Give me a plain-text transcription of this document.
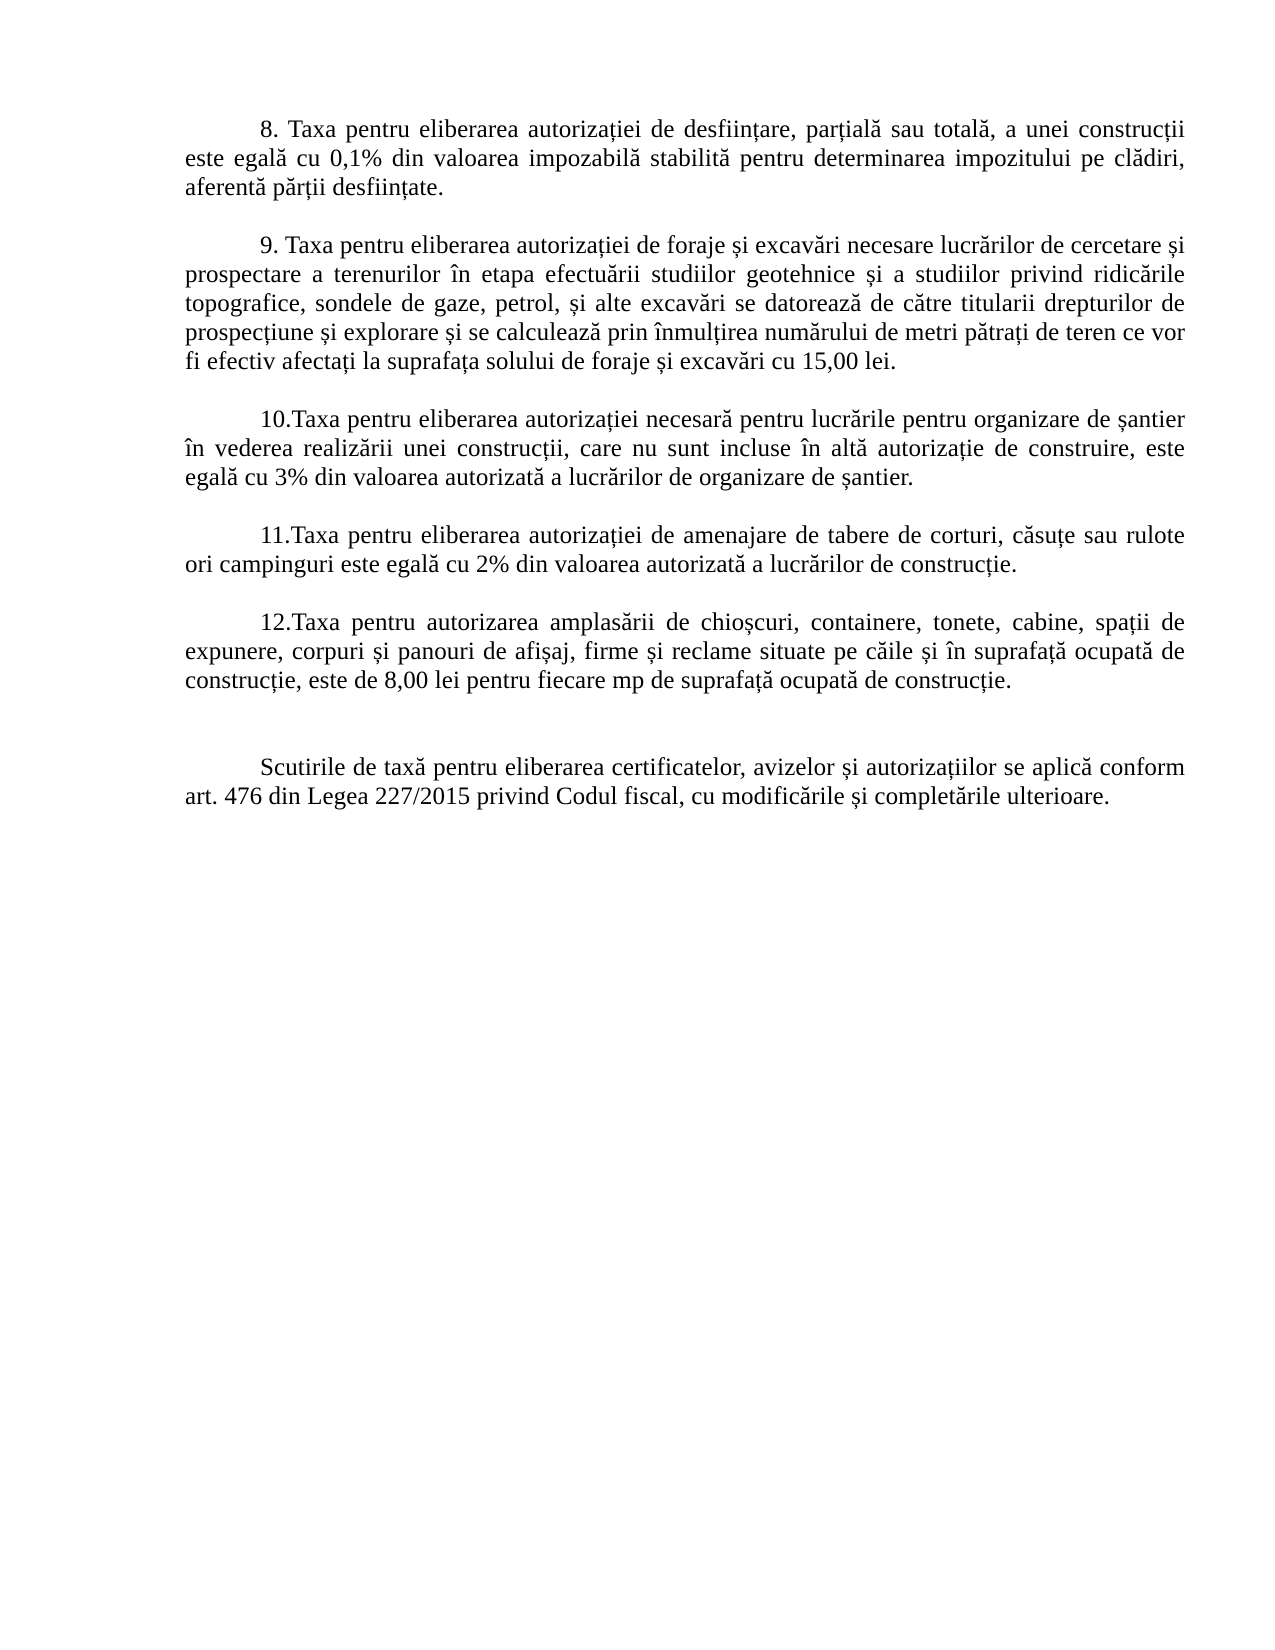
8. Taxa pentru eliberarea autorizației de desființare, parțială sau totală, a unei construcții este egală cu 0,1% din valoarea impozabilă stabilită pentru determinarea impozitului pe clădiri, aferentă părții desființate.

9. Taxa pentru eliberarea autorizației de foraje și excavări necesare lucrărilor de cercetare și prospectare a terenurilor în etapa efectuării studiilor geotehnice și a studiilor privind ridicările topografice, sondele de gaze, petrol, și alte excavări se datorează de către titularii drepturilor de prospecțiune și explorare și se calculează prin înmulțirea numărului de metri pătrați de teren ce vor fi efectiv afectați la suprafața solului de foraje și excavări cu 15,00 lei.

10.Taxa pentru eliberarea autorizației necesară pentru lucrările pentru organizare de șantier în vederea realizării unei construcții, care nu sunt incluse în altă autorizație de construire, este egală cu 3% din valoarea autorizată a lucrărilor de organizare de șantier.

11.Taxa pentru eliberarea autorizației de amenajare de tabere de corturi, căsuțe sau rulote ori campinguri este egală cu 2% din valoarea autorizată a lucrărilor de construcție.

12.Taxa pentru autorizarea amplasării de chioșcuri, containere, tonete, cabine, spații de expunere, corpuri și panouri de afișaj, firme și reclame situate pe căile și în suprafață ocupată de construcție, este de 8,00 lei pentru fiecare mp de suprafață ocupată de construcție.

Scutirile de taxă pentru eliberarea certificatelor, avizelor și autorizațiilor se aplică conform art. 476 din Legea 227/2015 privind Codul fiscal, cu modificările și completările ulterioare.
